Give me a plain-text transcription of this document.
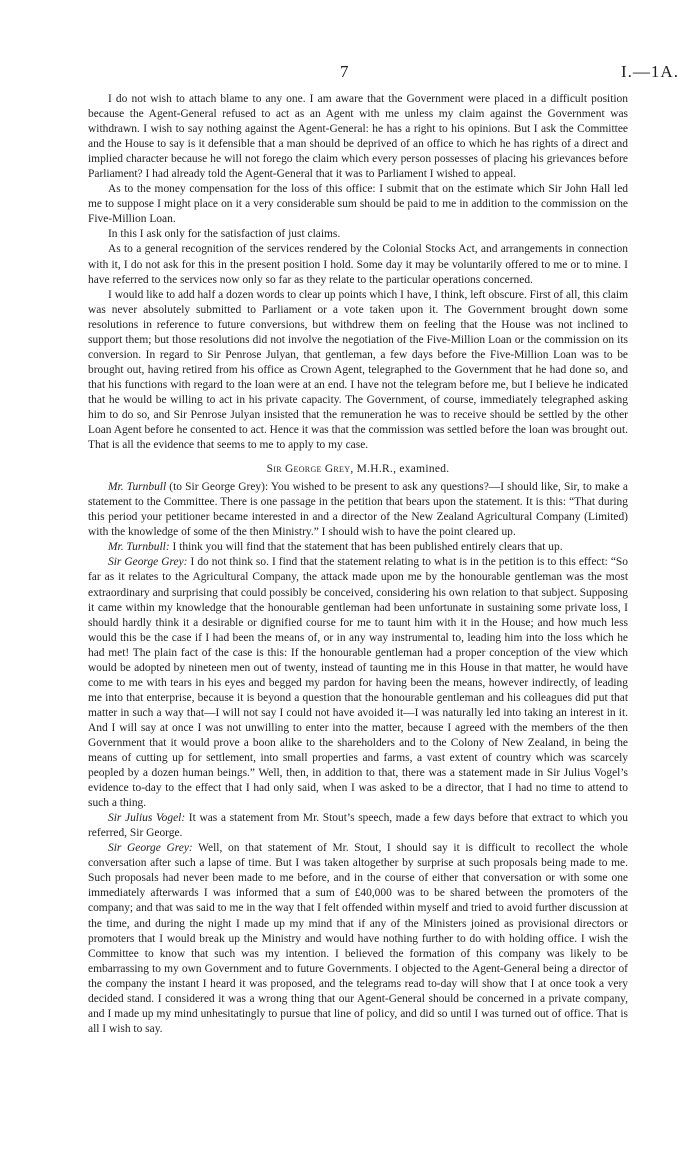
7	I.—1A.

I do not wish to attach blame to any one. I am aware that the Government were placed in a difficult position because the Agent-General refused to act as an Agent with me unless my claim against the Government was withdrawn. I wish to say nothing against the Agent-General: he has a right to his opinions. But I ask the Committee and the House to say is it defensible that a man should be deprived of an office to which he has rights of a direct and implied character because he will not forego the claim which every person possesses of placing his grievances before Parliament? I had already told the Agent-General that it was to Parliament I wished to appeal.

As to the money compensation for the loss of this office: I submit that on the estimate which Sir John Hall led me to suppose I might place on it a very considerable sum should be paid to me in addition to the commission on the Five-Million Loan.

In this I ask only for the satisfaction of just claims.

As to a general recognition of the services rendered by the Colonial Stocks Act, and arrangements in connection with it, I do not ask for this in the present position I hold. Some day it may be voluntarily offered to me or to mine. I have referred to the services now only so far as they relate to the particular operations concerned.

I would like to add half a dozen words to clear up points which I have, I think, left obscure. First of all, this claim was never absolutely submitted to Parliament or a vote taken upon it. The Government brought down some resolutions in reference to future conversions, but withdrew them on feeling that the House was not inclined to support them; but those resolutions did not involve the negotiation of the Five-Million Loan or the commission on its conversion. In regard to Sir Penrose Julyan, that gentleman, a few days before the Five-Million Loan was to be brought out, having retired from his office as Crown Agent, telegraphed to the Government that he had done so, and that his functions with regard to the loan were at an end. I have not the telegram before me, but I believe he indicated that he would be willing to act in his private capacity. The Government, of course, immediately telegraphed asking him to do so, and Sir Penrose Julyan insisted that the remuneration he was to receive should be settled by the other Loan Agent before he consented to act. Hence it was that the commission was settled before the loan was brought out. That is all the evidence that seems to me to apply to my case.

Sir George Grey, M.H.R., examined.

Mr. Turnbull (to Sir George Grey): You wished to be present to ask any questions?—I should like, Sir, to make a statement to the Committee. There is one passage in the petition that bears upon the statement. It is this: “That during this period your petitioner became interested in and a director of the New Zealand Agricultural Company (Limited) with the knowledge of some of the then Ministry.” I should wish to have the point cleared up.

Mr. Turnbull: I think you will find that the statement that has been published entirely clears that up.

Sir George Grey: I do not think so. I find that the statement relating to what is in the petition is to this effect: “So far as it relates to the Agricultural Company, the attack made upon me by the honourable gentleman was the most extraordinary and surprising that could possibly be conceived, considering his own relation to that subject. Supposing it came within my knowledge that the honourable gentleman had been unfortunate in sustaining some private loss, I should hardly think it a desirable or dignified course for me to taunt him with it in the House; and how much less would this be the case if I had been the means of, or in any way instrumental to, leading him into the loss which he had met! The plain fact of the case is this: If the honourable gentleman had a proper conception of the view which would be adopted by nineteen men out of twenty, instead of taunting me in this House in that matter, he would have come to me with tears in his eyes and begged my pardon for having been the means, however indirectly, of leading me into that enterprise, because it is beyond a question that the honourable gentleman and his colleagues did put that matter in such a way that—I will not say I could not have avoided it—I was naturally led into taking an interest in it. And I will say at once I was not unwilling to enter into the matter, because I agreed with the members of the then Government that it would prove a boon alike to the shareholders and to the Colony of New Zealand, in being the means of cutting up for settlement, into small properties and farms, a vast extent of country which was scarcely peopled by a dozen human beings.” Well, then, in addition to that, there was a statement made in Sir Julius Vogel’s evidence to-day to the effect that I had only said, when I was asked to be a director, that I had no time to attend to such a thing.

Sir Julius Vogel: It was a statement from Mr. Stout’s speech, made a few days before that extract to which you referred, Sir George.

Sir George Grey: Well, on that statement of Mr. Stout, I should say it is difficult to recollect the whole conversation after such a lapse of time. But I was taken altogether by surprise at such proposals being made to me. Such proposals had never been made to me before, and in the course of either that conversation or with some one immediately afterwards I was informed that a sum of £40,000 was to be shared between the promoters of the company; and that was said to me in the way that I felt offended within myself and tried to avoid further discussion at the time, and during the night I made up my mind that if any of the Ministers joined as provisional directors or promoters that I would break up the Ministry and would have nothing further to do with holding office. I wish the Committee to know that such was my intention. I believed the formation of this company was likely to be embarrassing to my own Government and to future Governments. I objected to the Agent-General being a director of the company the instant I heard it was proposed, and the telegrams read to-day will show that I at once took a very decided stand. I considered it was a wrong thing that our Agent-General should be concerned in a private company, and I made up my mind unhesitatingly to pursue that line of policy, and did so until I was turned out of office. That is all I wish to say.
